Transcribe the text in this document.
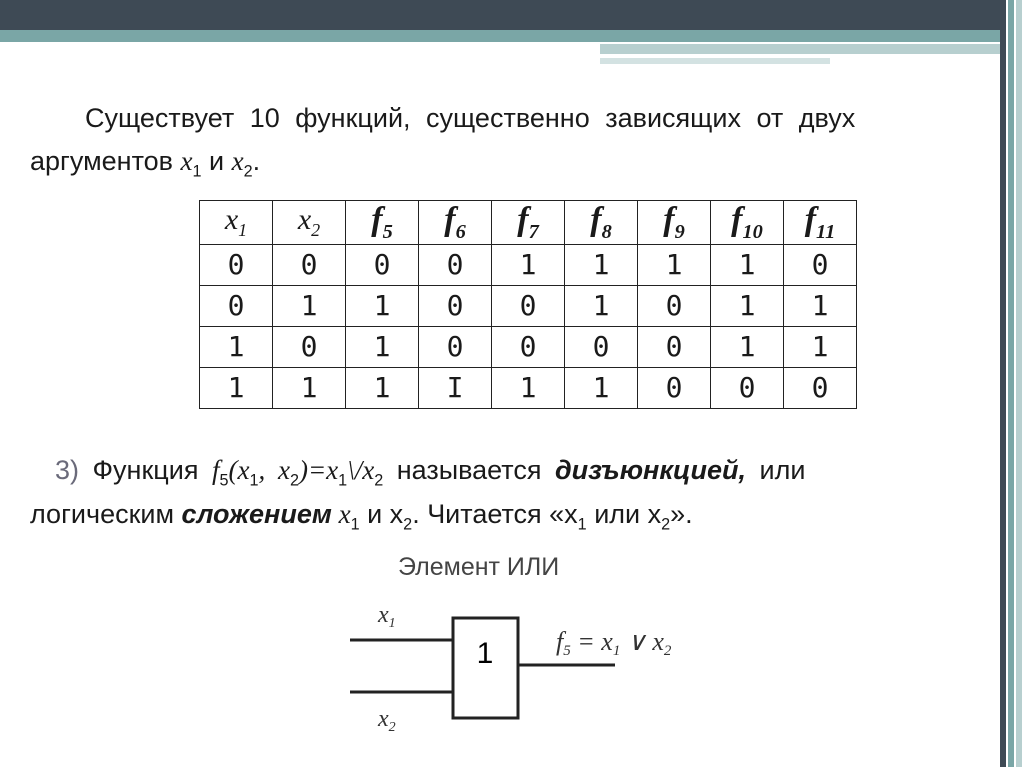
Существует 10 функций, существенно зависящих от двух
аргументов $x_1$ и $x_2$.
$x_1$	$x_2$	$f_5$	$f_6$	$f_7$	$f_8$	$f_9$	$f_{10}$	$f_{11}$
0	0	0	0	1	1	1	1	0
0	1	1	0	0	1	0	1	1
1	0	1	0	0	0	0	1	1
1	1	1	I	1	1	0	0	0
3) Функция $f_5(x_1$, $x_2)=x_1\backslash/x_2$ называется дизъюнкцией, или
логическим сложением $x_1$ и $x_2$. Читается «$x_1$ или $x_2$».
Элемент ИЛИ
1
$x_1$
$x_2$
f5 = x1 ∨ x2
